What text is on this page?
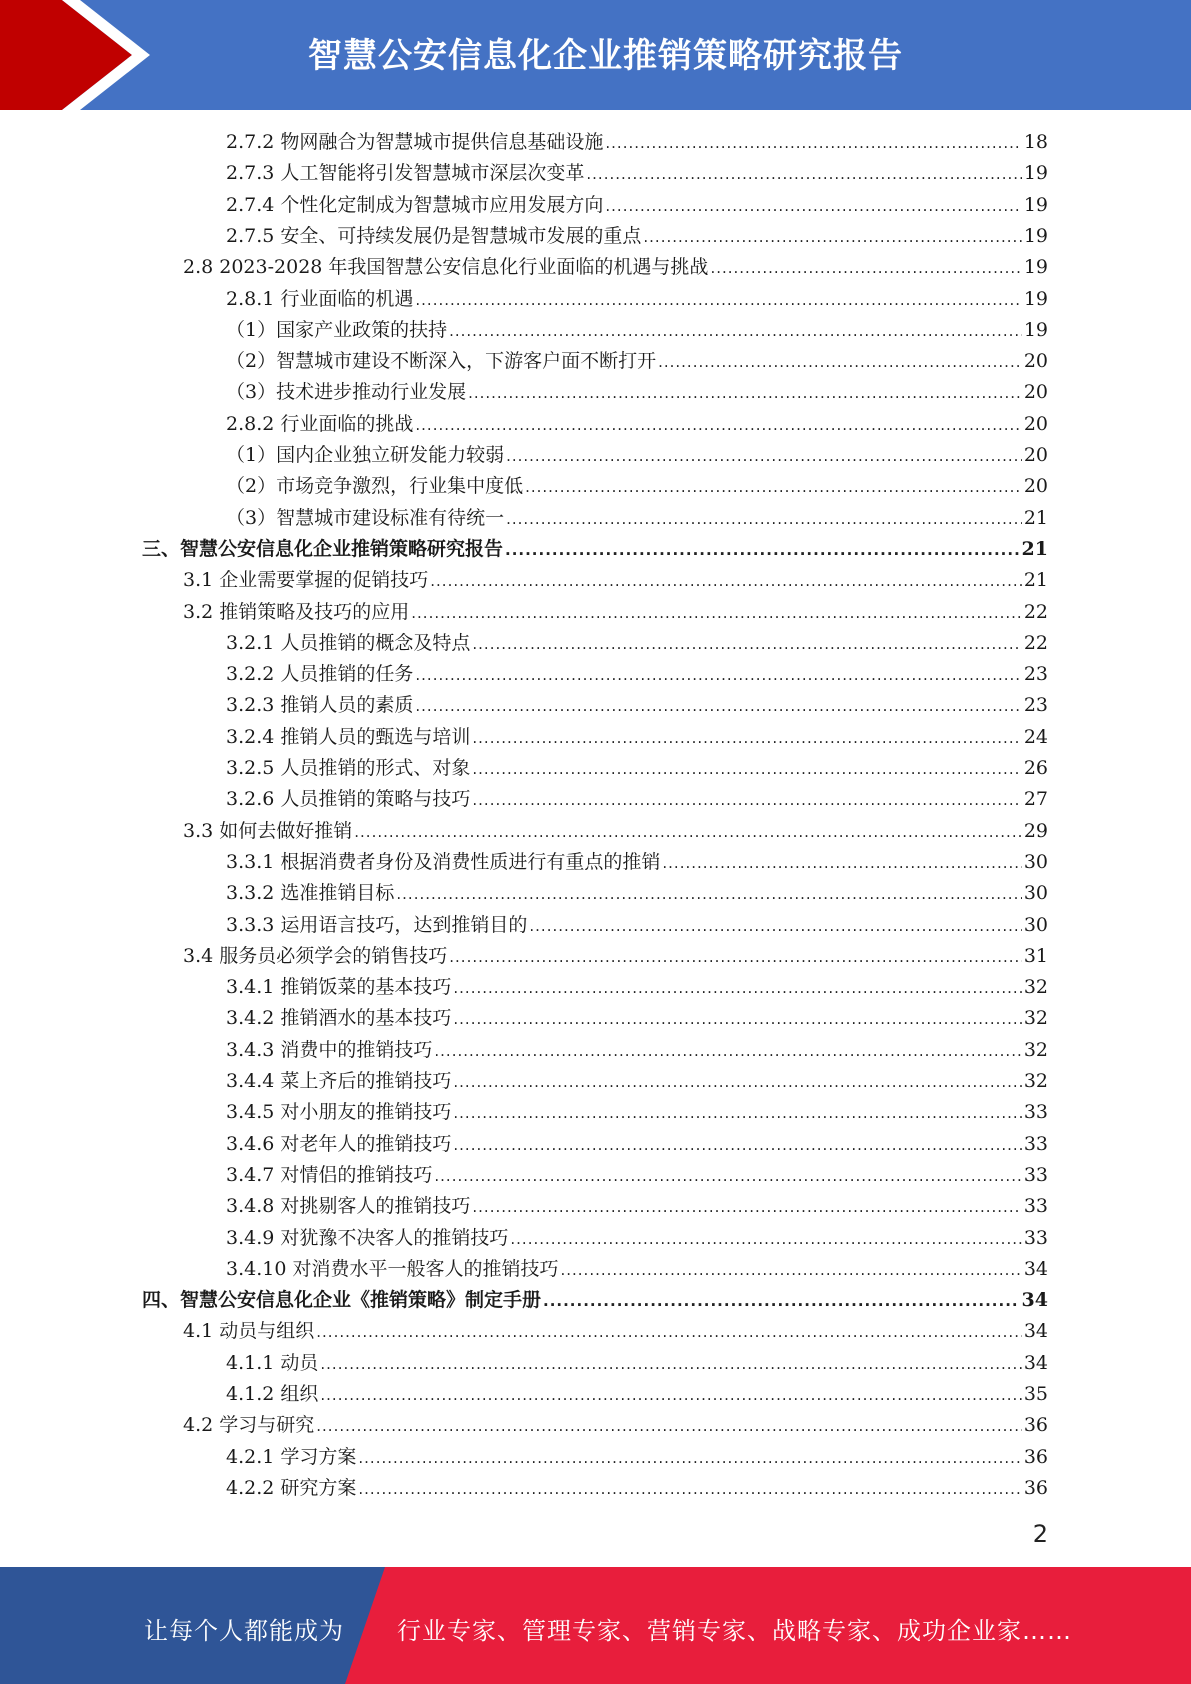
智慧公安信息化企业推销策略研究报告
2.7.2 物网融合为智慧城市提供信息基础设施 .....	18
2.7.3 人工智能将引发智慧城市深层次变革 .....	19
2.7.4 个性化定制成为智慧城市应用发展方向 .....	19
2.7.5 安全、可持续发展仍是智慧城市发展的重点 .....	19
2.8 2023-2028 年我国智慧公安信息化行业面临的机遇与挑战 .....	19
2.8.1 行业面临的机遇 .....	19
（1）国家产业政策的扶持 .....	19
（2）智慧城市建设不断深入，下游客户面不断打开 .....	20
（3）技术进步推动行业发展 .....	20
2.8.2 行业面临的挑战 .....	20
（1）国内企业独立研发能力较弱 .....	20
（2）市场竞争激烈，行业集中度低 .....	20
（3）智慧城市建设标准有待统一 .....	21
三、智慧公安信息化企业推销策略研究报告 .....	21
3.1 企业需要掌握的促销技巧 .....	21
3.2 推销策略及技巧的应用 .....	22
3.2.1 人员推销的概念及特点 .....	22
3.2.2 人员推销的任务 .....	23
3.2.3 推销人员的素质 .....	23
3.2.4 推销人员的甄选与培训 .....	24
3.2.5 人员推销的形式、对象 .....	26
3.2.6 人员推销的策略与技巧 .....	27
3.3 如何去做好推销 .....	29
3.3.1 根据消费者身份及消费性质进行有重点的推销 .....	30
3.3.2 选准推销目标 .....	30
3.3.3 运用语言技巧，达到推销目的 .....	30
3.4 服务员必须学会的销售技巧 .....	31
3.4.1 推销饭菜的基本技巧 .....	32
3.4.2 推销酒水的基本技巧 .....	32
3.4.3 消费中的推销技巧 .....	32
3.4.4 菜上齐后的推销技巧 .....	32
3.4.5 对小朋友的推销技巧 .....	33
3.4.6 对老年人的推销技巧 .....	33
3.4.7 对情侣的推销技巧 .....	33
3.4.8 对挑剔客人的推销技巧 .....	33
3.4.9 对犹豫不决客人的推销技巧 .....	33
3.4.10 对消费水平一般客人的推销技巧 .....	34
四、智慧公安信息化企业《推销策略》制定手册 .....	34
4.1 动员与组织 .....	34
4.1.1 动员 .....	34
4.1.2 组织 .....	35
4.2 学习与研究 .....	36
4.2.1 学习方案 .....	36
4.2.2 研究方案 .....	36
2
让每个人都能成为 行业专家、管理专家、营销专家、战略专家、成功企业家……
